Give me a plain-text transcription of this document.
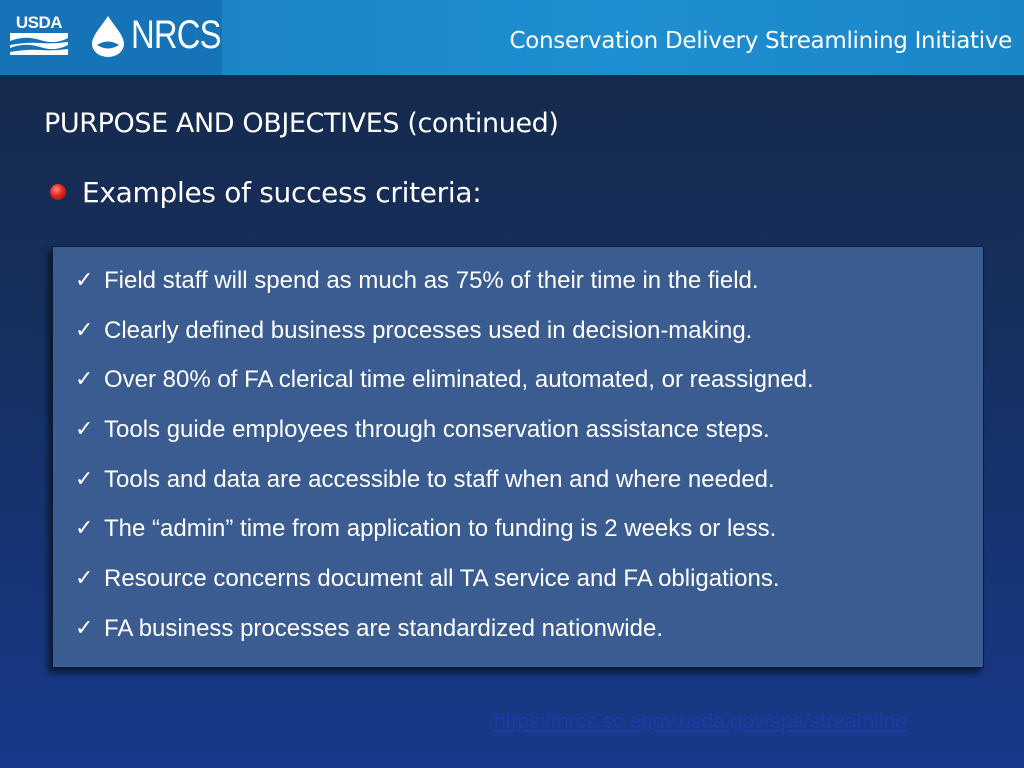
USDA NRCS	Conservation Delivery Streamlining Initiative
PURPOSE AND OBJECTIVES (continued)
Examples of success criteria:
✓ Field staff will spend as much as 75% of their time in the field.
✓ Clearly defined business processes used in decision-making.
✓ Over 80% of FA clerical time eliminated, automated, or reassigned.
✓ Tools guide employees through conservation assistance steps.
✓ Tools and data are accessible to staff when and where needed.
✓ The “admin” time from application to funding is 2 weeks or less.
✓ Resource concerns document all TA service and FA obligations.
✓ FA business processes are standardized nationwide.
https://nrcs.sc.egov.usda.gov/spa/streamline
